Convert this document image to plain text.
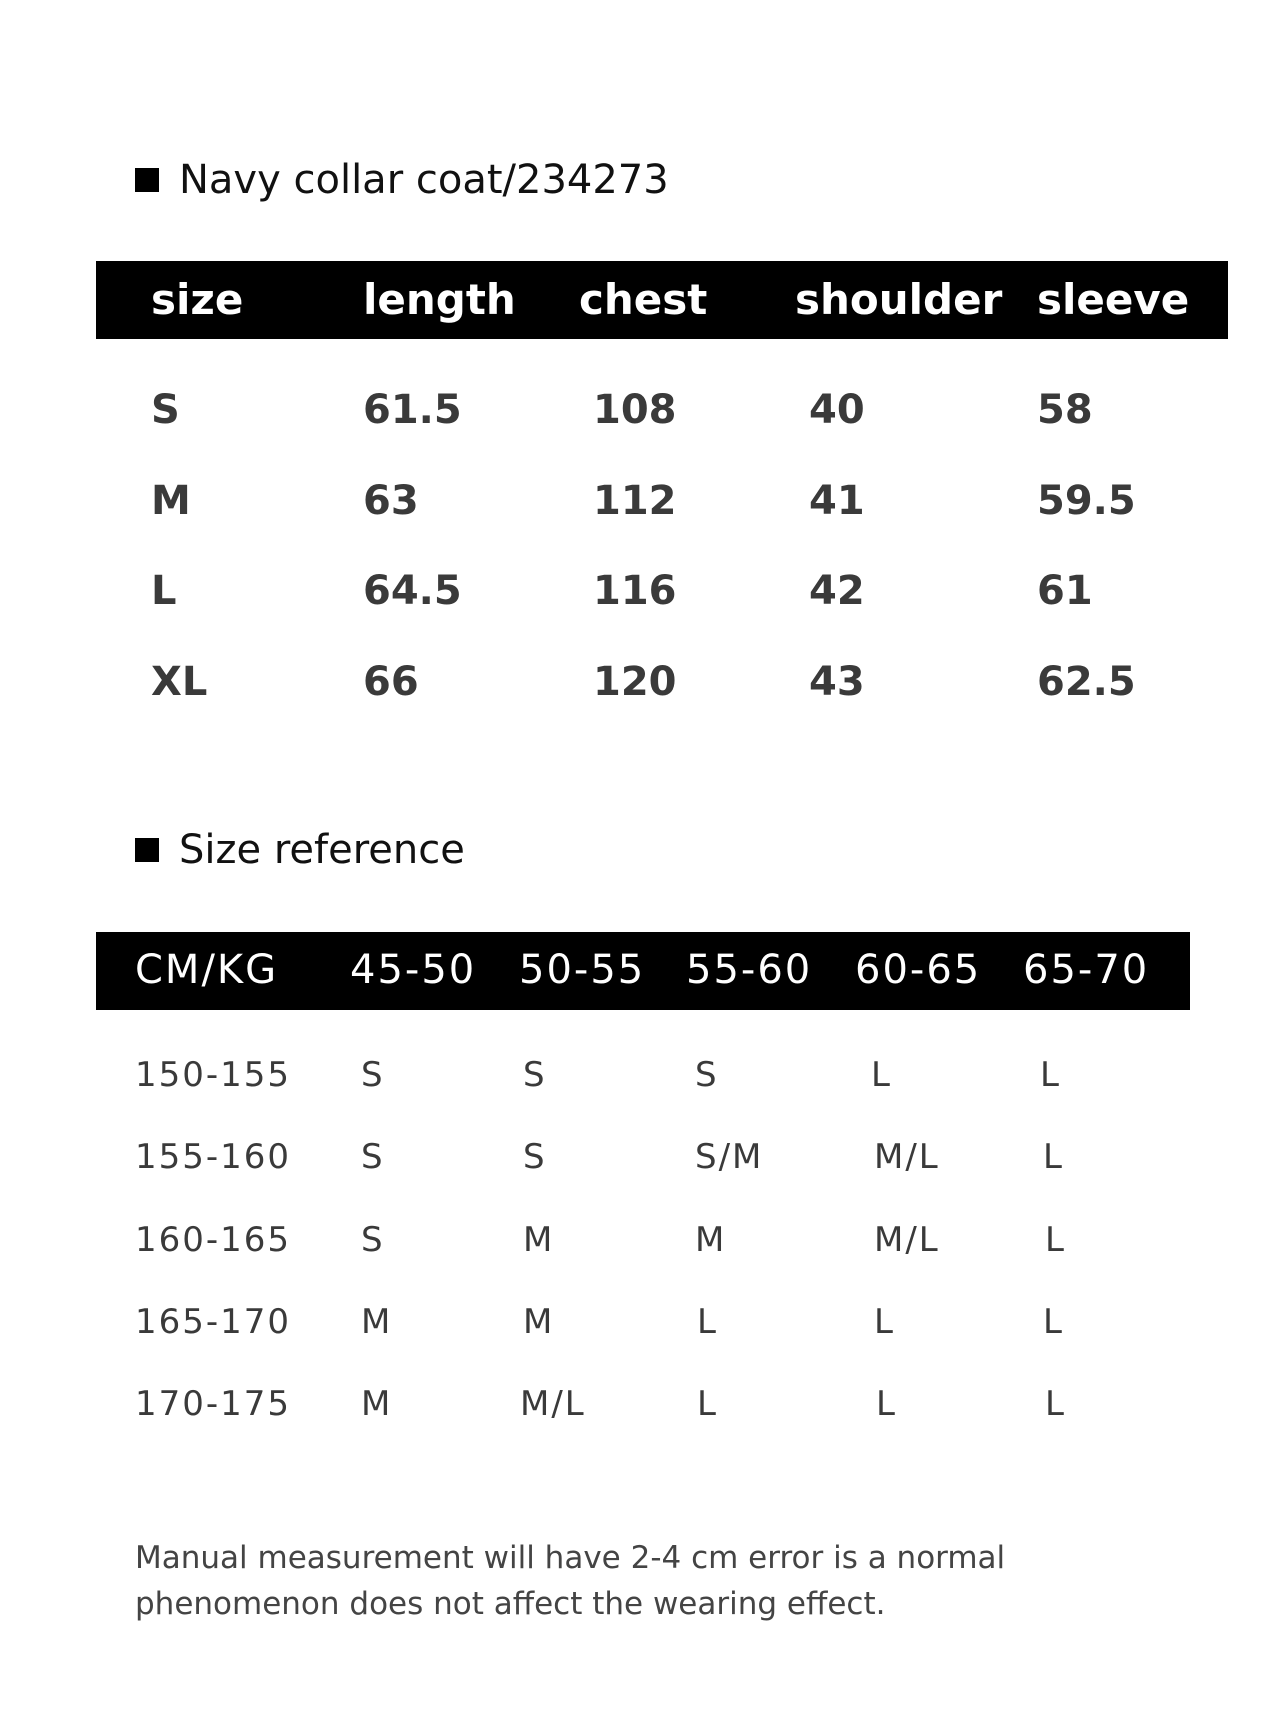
Navy collar coat/234273
size	length chest shoulder sleeve
S	61.5	108	40	58
M	63	112	41	59.5
L	64.5	116	42	61
XL	66	120	43	62.5
Size reference
CM/KG 45-50 50-55 55-60 60-65 65-70
150-155 S	S	S	L	L
155-160 S	S	S/M	M/L	L
160-165 S	M	M	M/L	L
165-170 M	M	L	L	L
170-175 M	M/L	L	L	L
Manual measurement will have 2-4 cm error is a normal phenomenon does not affect the wearing effect.
